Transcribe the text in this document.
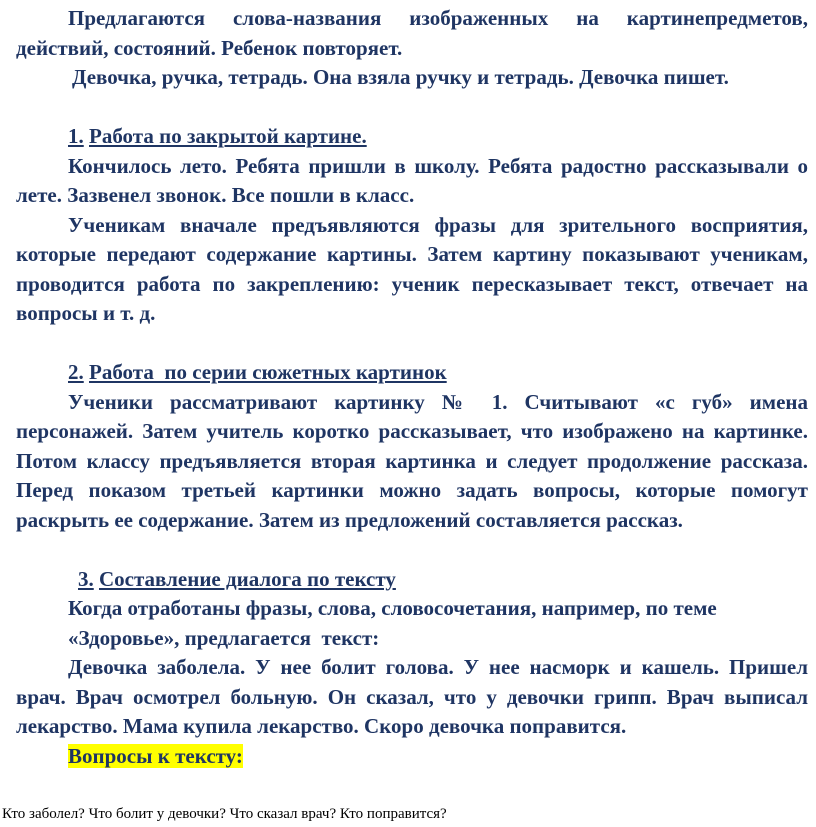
Предлагаются слова-названия изображенных на картинепредметов, действий, состояний. Ребенок повторяет.

Девочка, ручка, тетрадь. Она взяла ручку и тетрадь. Девочка пишет.

1. Работа по закрытой картине.

Кончилось лето. Ребята пришли в школу. Ребята радостно рассказывали о лете. Зазвенел звонок. Все пошли в класс.

Ученикам вначале предъявляются фразы для зрительного восприятия, которые передают содержание картины. Затем картину показывают ученикам, проводится работа по закреплению: ученик пересказывает текст, отвечает на вопросы и т. д.

2. Работа  по серии сюжетных картинок

Ученики рассматривают картинку № 1. Считывают «с губ» имена персонажей. Затем учитель коротко рассказывает, что изображено на картинке. Потом классу предъявляется вторая картинка и следует продолжение рассказа. Перед показом третьей картинки можно задать вопросы, которые помогут раскрыть ее содержание. Затем из предложений составляется рассказ.

3. Составление диалога по тексту

Когда отработаны фразы, слова, словосочетания, например, по теме

«Здоровье», предлагается  текст:

Девочка заболела. У нее болит голова. У нее насморк и кашель. Пришел врач. Врач осмотрел больную. Он сказал, что у девочки грипп. Врач выписал лекарство. Мама купила лекарство. Скоро девочка поправится.

Вопросы к тексту:

Кто заболел? Что болит у девочки? Что сказал врач? Кто поправится?
